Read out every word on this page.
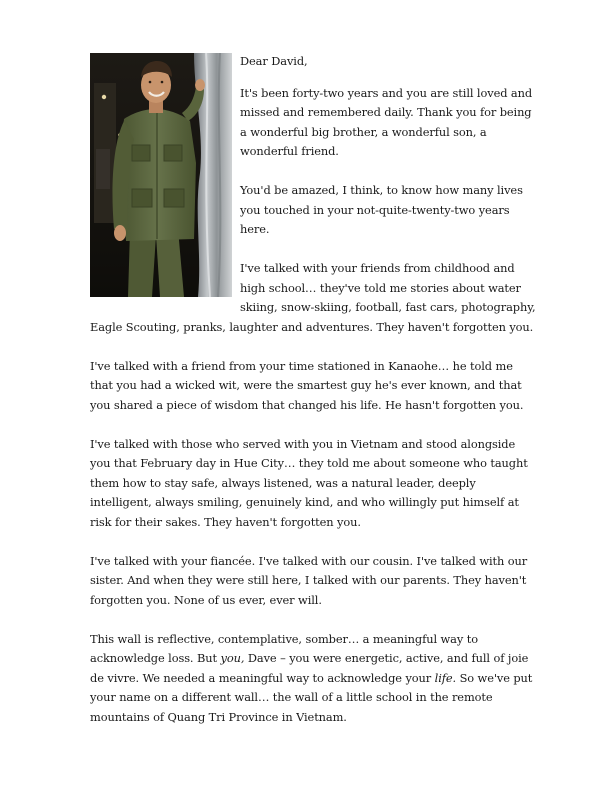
Dear David,

It's been forty-two years and you are still loved and missed and remembered daily. Thank you for being a wonderful big brother, a wonderful son, a wonderful friend.

You'd be amazed, I think, to know how many lives you touched in your not-quite-twenty-two years here.

I've talked with your friends from childhood and high school… they've told me stories about water skiing, snow-skiing, football, fast cars, photography, Eagle Scouting, pranks, laughter and adventures. They haven't forgotten you.

I've talked with a friend from your time stationed in Kanaohe… he told me that you had a wicked wit, were the smartest guy he's ever known, and that you shared a piece of wisdom that changed his life. He hasn't forgotten you.

I've talked with those who served with you in Vietnam and stood alongside you that February day in Hue City… they told me about someone who taught them how to stay safe, always listened, was a natural leader, deeply intelligent, always smiling, genuinely kind, and who willingly put himself at risk for their sakes. They haven't forgotten you.

I've talked with your fiancée. I've talked with our cousin. I've talked with our sister. And when they were still here, I talked with our parents. They haven't forgotten you. None of us ever, ever will.

This wall is reflective, contemplative, somber… a meaningful way to acknowledge loss. But you, Dave – you were energetic, active, and full of joie de vivre. We needed a meaningful way to acknowledge your life. So we've put your name on a different wall… the wall of a little school in the remote mountains of Quang Tri Province in Vietnam.
